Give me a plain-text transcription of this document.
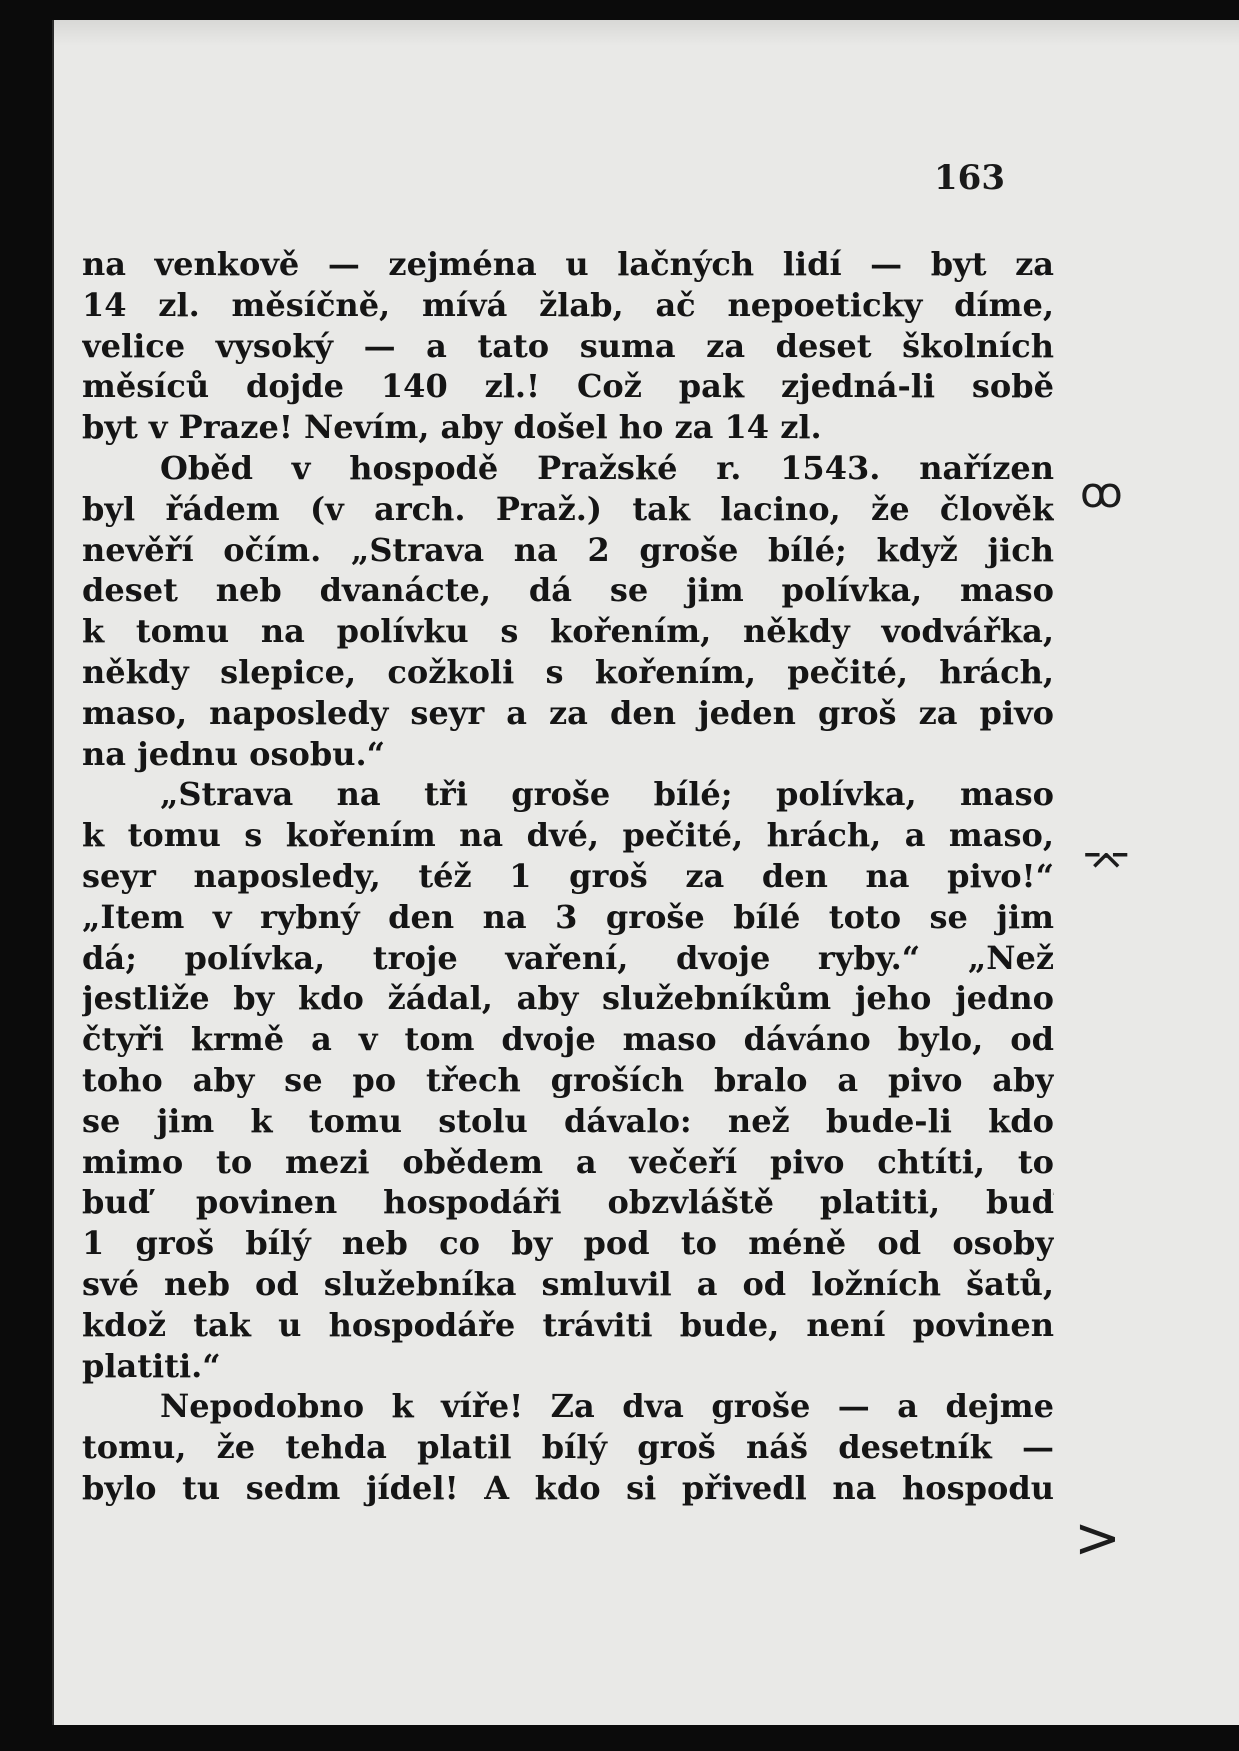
163

na venkově — zejména u lačných lidí — byt za
14 zl. měsíčně, mívá žlab, ač nepoeticky díme,
velice vysoký — a tato suma za deset školních
měsíců dojde 140 zl.! Což pak zjedná-li sobě
byt v Praze! Nevím, aby došel ho za 14 zl.
Oběd v hospodě Pražské r. 1543. nařízen
byl řádem (v arch. Praž.) tak lacino, že člověk
nevěří očím. „Strava na 2 groše bílé; když jich
deset neb dvanácte, dá se jim polívka, maso
k tomu na polívku s kořením, někdy vodvářka,
někdy slepice, cožkoli s kořením, pečité, hrách,
maso, naposledy seyr a za den jeden groš za pivo
na jednu osobu.“
„Strava na tři groše bílé; polívka, maso
k tomu s kořením na dvé, pečité, hrách, a maso,
seyr naposledy, též 1 groš za den na pivo!“
„Item v rybný den na 3 groše bílé toto se jim
dá; polívka, troje vaření, dvoje ryby.“ „Než
jestliže by kdo žádal, aby služebníkům jeho jedno
čtyři krmě a v tom dvoje maso dáváno bylo, od
toho aby se po třech groších bralo a pivo aby
se jim k tomu stolu dávalo: než bude-li kdo
mimo to mezi obědem a večeří pivo chtíti, to
buď povinen hospodáři obzvláště platiti, buď
1 groš bílý neb co by pod to méně od osoby
své neb od služebníka smluvil a od ložních šatů,
kdož tak u hospodáře tráviti bude, není povinen
platiti.“
Nepodobno k víře! Za dva groše — a dejme
tomu, že tehda platil bílý groš náš desetník —
bylo tu sedm jídel! A kdo si přivedl na hospodu
ꝏ
⌤
>
